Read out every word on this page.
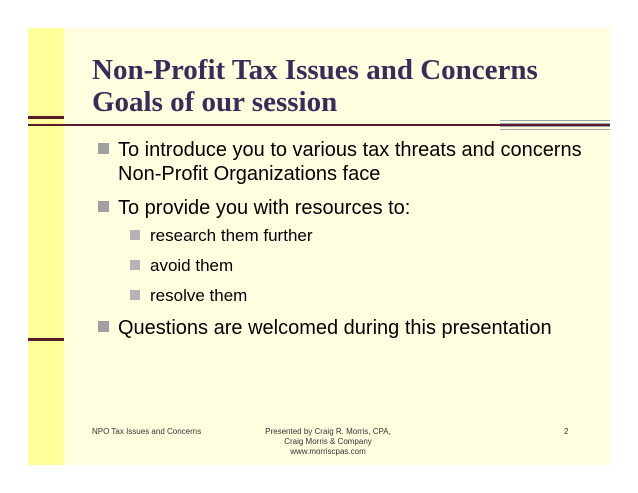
Non-Profit Tax Issues and Concerns
Goals of our session
To introduce you to various tax threats and concerns Non-Profit Organizations face
To provide you with resources to:
research them further
avoid them
resolve them
Questions are welcomed during this presentation
NPO Tax Issues and Concerns	Presented by Craig R. Morris, CPA,
Craig Morris & Company
www.morriscpas.com
2
